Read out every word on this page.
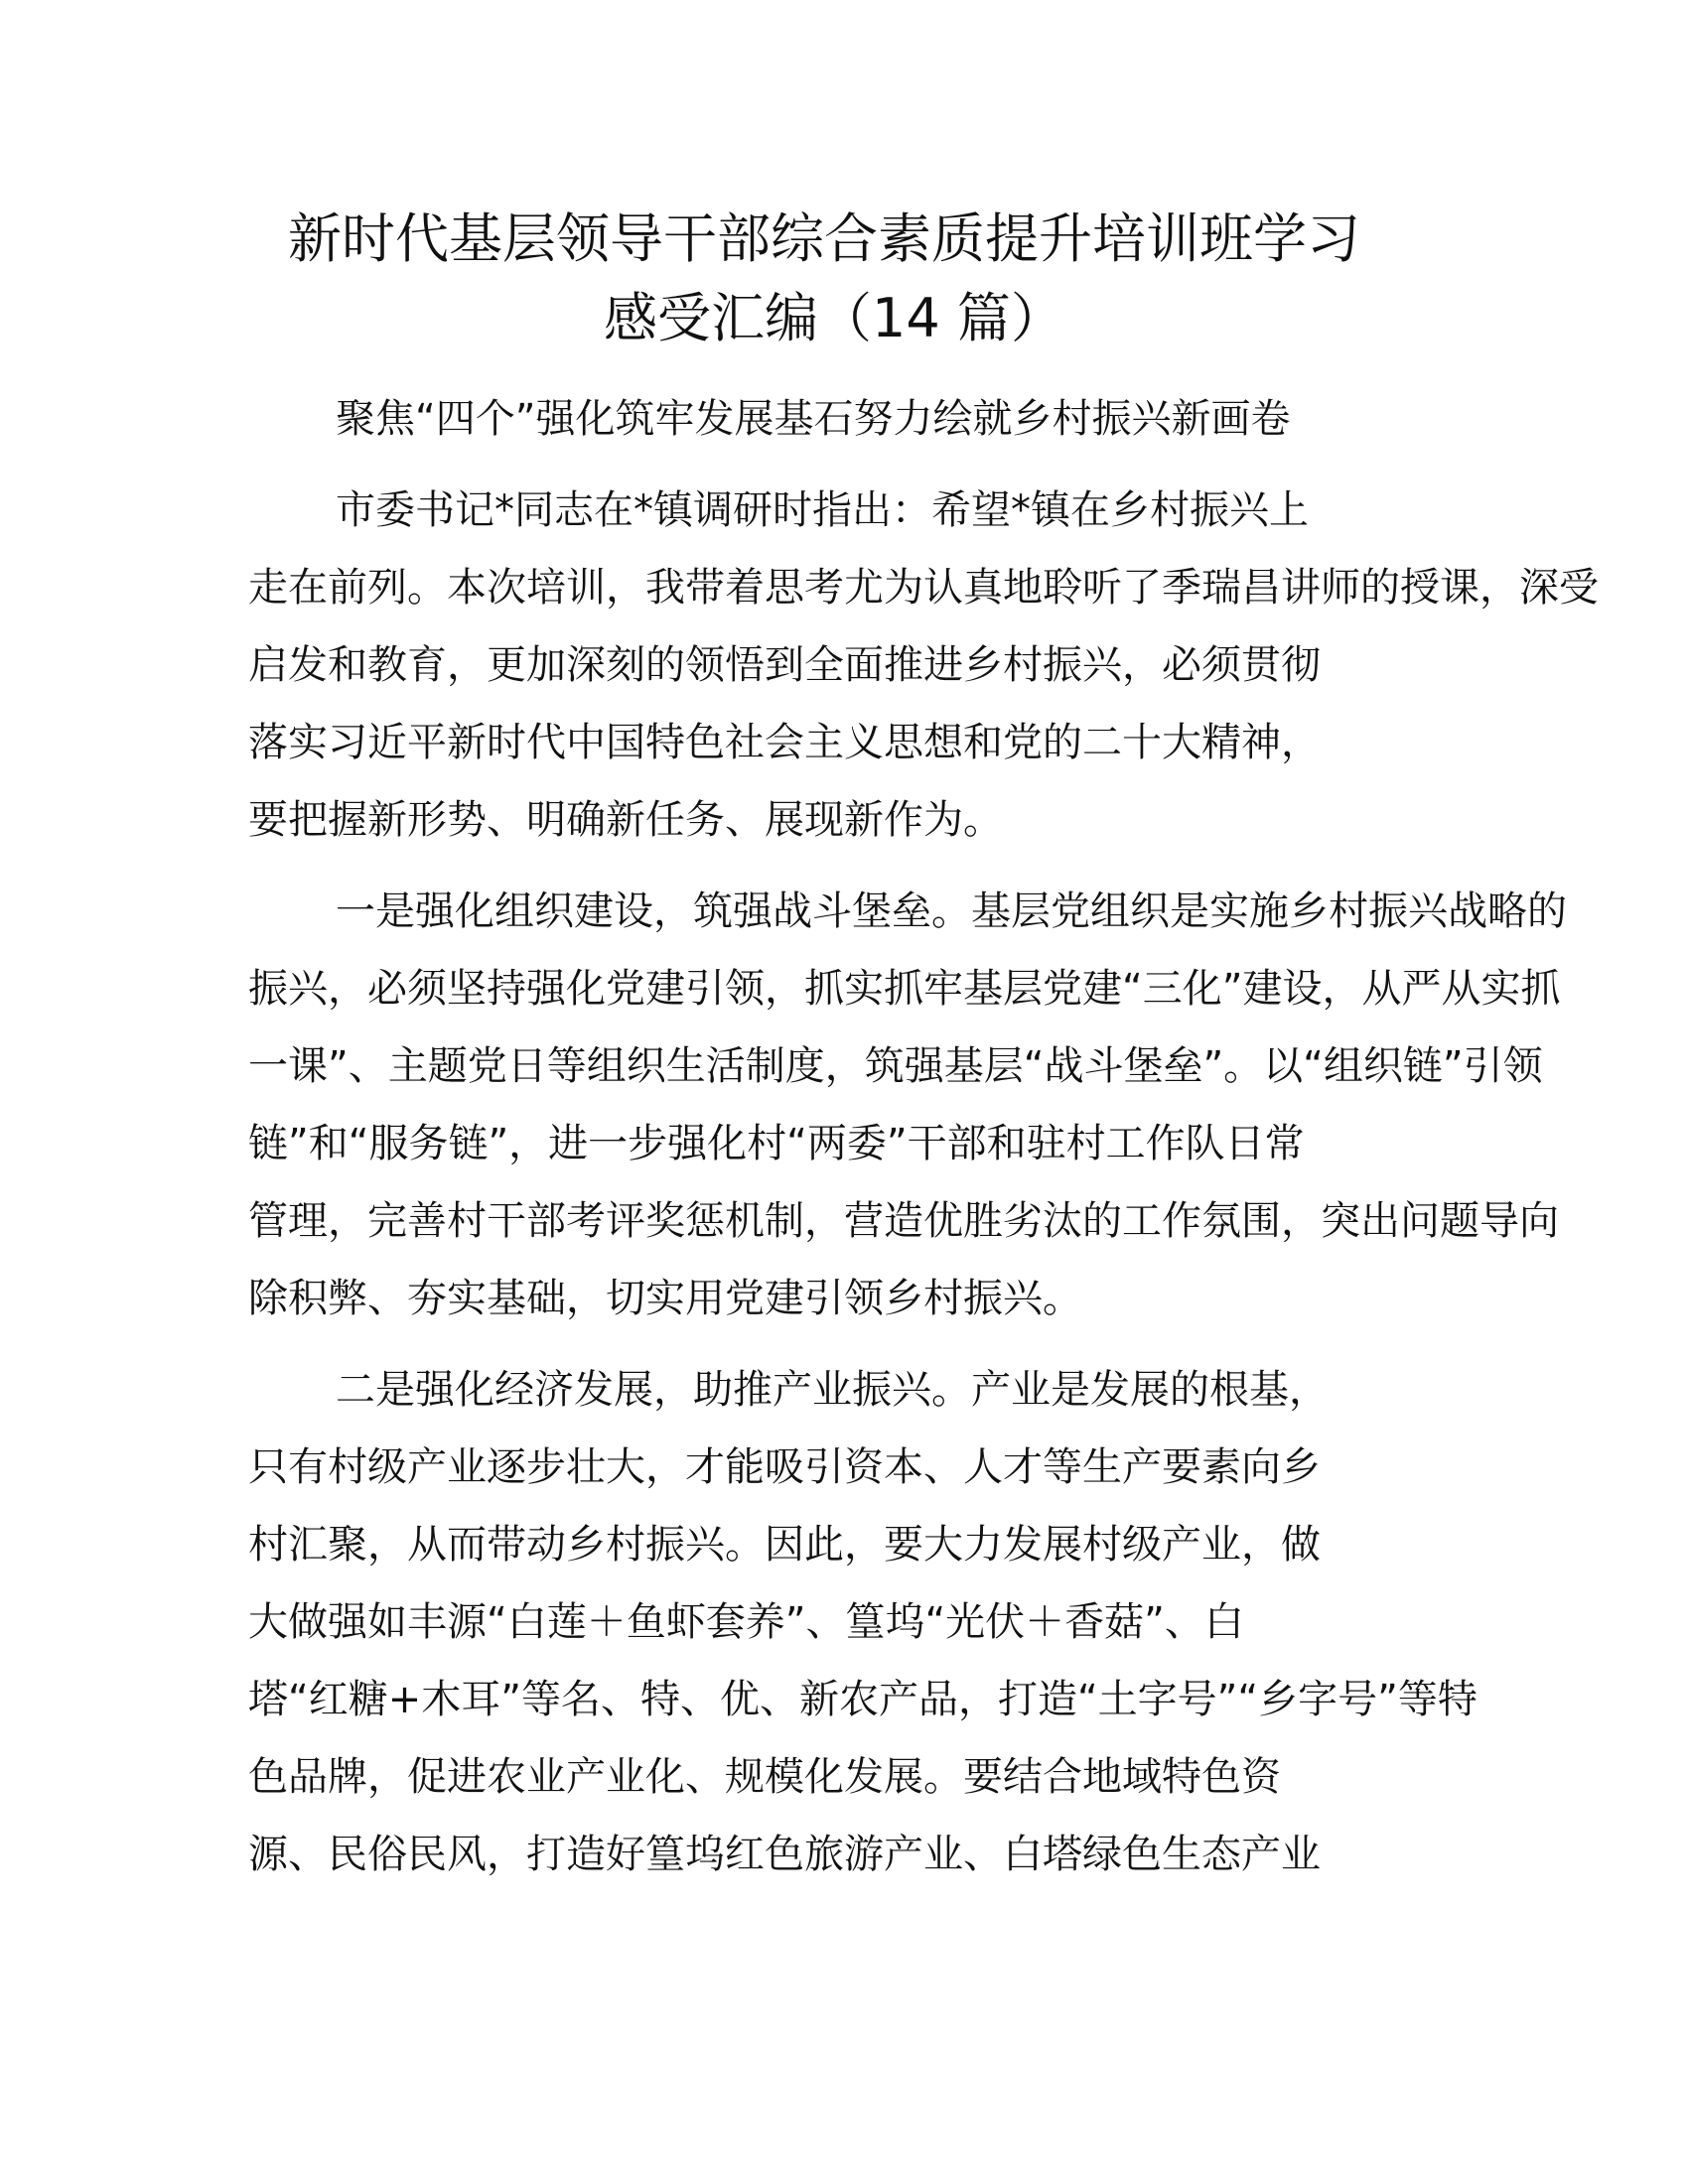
新时代基层领导干部综合素质提升培训班学习
感受汇编（14 篇）
聚焦“四个”强化筑牢发展基石努力绘就乡村振兴新画卷
市委书记*同志在*镇调研时指出：希望*镇在乡村振兴上
走在前列。本次培训，我带着思考尤为认真地聆听了季瑞昌讲师的授课，深受
启发和教育，更加深刻的领悟到全面推进乡村振兴，必须贯彻
落实习近平新时代中国特色社会主义思想和党的二十大精神，
要把握新形势、明确新任务、展现新作为。
一是强化组织建设，筑强战斗堡垒。基层党组织是实施乡村振兴战略的
振兴，必须坚持强化党建引领，抓实抓牢基层党建“三化”建设，从严从实抓
一课”、主题党日等组织生活制度，筑强基层“战斗堡垒”。以“组织链”引领
链”和“服务链”，进一步强化村“两委”干部和驻村工作队日常
管理，完善村干部考评奖惩机制，营造优胜劣汰的工作氛围，突出问题导向
除积弊、夯实基础，切实用党建引领乡村振兴。
二是强化经济发展，助推产业振兴。产业是发展的根基，
只有村级产业逐步壮大，才能吸引资本、人才等生产要素向乡
村汇聚，从而带动乡村振兴。因此，要大力发展村级产业，做
大做强如丰源“白莲＋鱼虾套养”、篁坞“光伏＋香菇”、白
塔“红糖+木耳”等名、特、优、新农产品，打造“土字号”“乡字号”等特
色品牌，促进农业产业化、规模化发展。要结合地域特色资
源、民俗民风，打造好篁坞红色旅游产业、白塔绿色生态产业
